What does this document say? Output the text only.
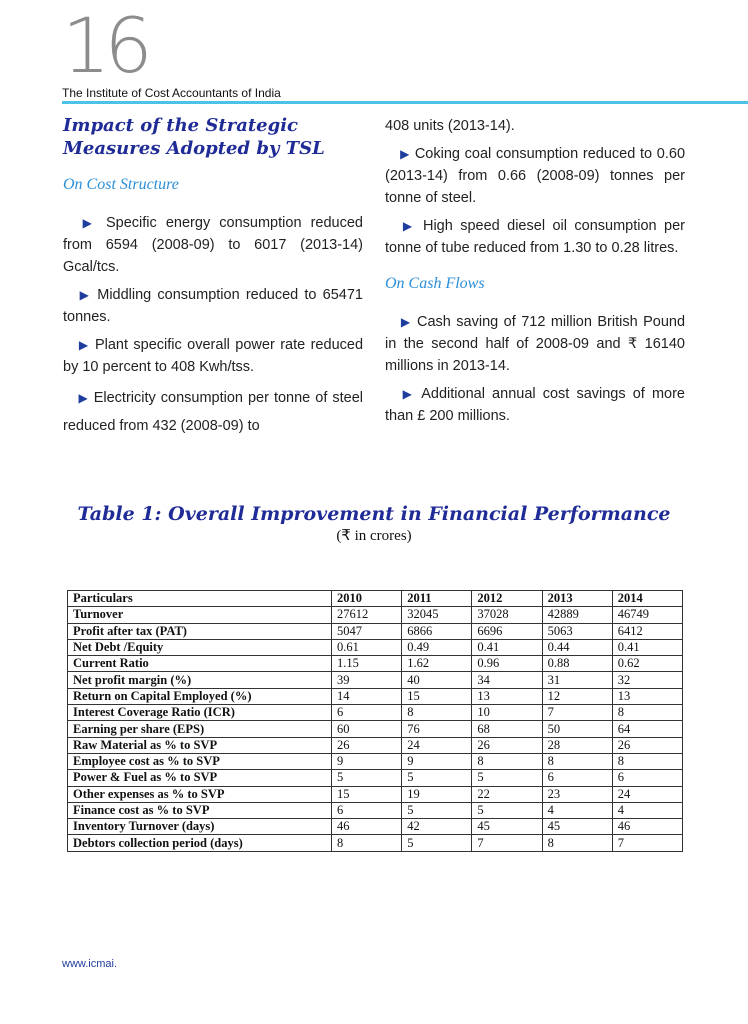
16
The Institute of Cost Accountants of India
Impact of the Strategic Measures Adopted by TSL
On Cost Structure

 ▶ Specific energy consumption reduced from 6594 (2008-09) to 6017 (2013-14) Gcal/tcs.

 ▶ Middling consumption reduced to 65471 tonnes.

 ▶ Plant specific overall power rate reduced by 10 percent to 408 Kwh/tss.

 ▶ Electricity consumption per tonne of steel reduced from 432 (2008-09) to

408 units (2013-14).

 ▶ Coking coal consumption reduced to 0.60 (2013-14) from 0.66 (2008-09) tonnes per tonne of steel.

 ▶ High speed diesel oil consumption per tonne of tube reduced from 1.30 to 0.28 litres.

On Cash Flows

 ▶ Cash saving of 712 million British Pound in the second half of 2008-09 and ₹ 16140 millions in 2013-14.

 ▶ Additional annual cost savings of more than £ 200 millions.

Table 1: Overall Improvement in Financial Performance
(₹ in crores)
Particulars	2010	2011	2012	2013	2014
Turnover	27612	32045	37028	42889	46749
Profit after tax (PAT)	5047	6866	6696	5063	6412
Net Debt /Equity	0.61	0.49	0.41	0.44	0.41
Current Ratio	1.15	1.62	0.96	0.88	0.62
Net profit margin (%)	39	40	34	31	32
Return on Capital Employed (%)	14	15	13	12	13
Interest Coverage Ratio (ICR)	6	8	10	7	8
Earning per share (EPS)	60	76	68	50	64
Raw Material as % to SVP	26	24	26	28	26
Employee cost as % to SVP	9	9	8	8	8
Power & Fuel as % to SVP	5	5	5	6	6
Other expenses as % to SVP	15	19	22	23	24
Finance cost as % to SVP	6	5	5	4	4
Inventory Turnover (days)	46	42	45	45	46
Debtors collection period (days)	8	5	7	8	7
www.icmai.
